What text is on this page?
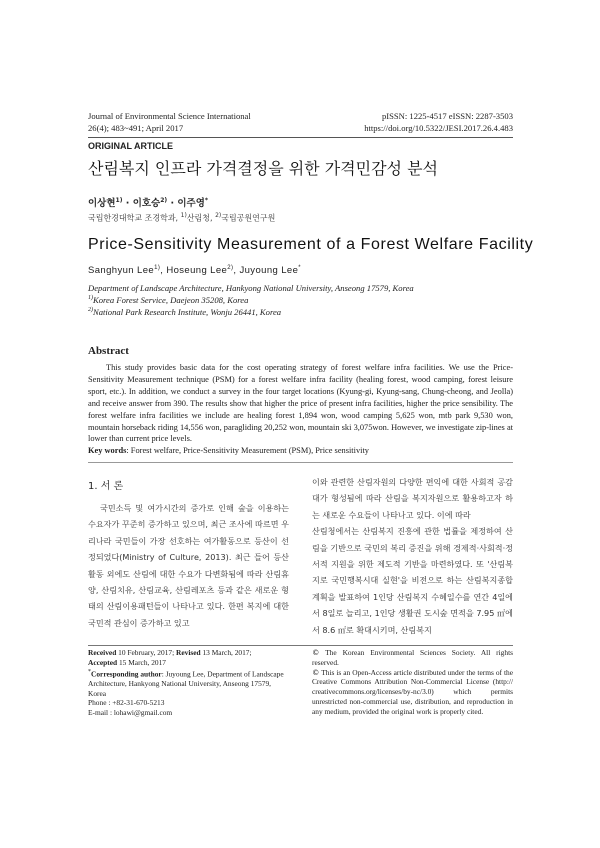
Journal of Environmental Science International
26(4); 483~491; April 2017
pISSN: 1225-4517 eISSN: 2287-3503
https://doi.org/10.5322/JESI.2017.26.4.483
ORIGINAL ARTICLE
산림복지 인프라 가격결정을 위한 가격민감성 분석
이상현$^{1)}$ · 이호승$^{2)}$ · 이주영*
국립한경대학교 조경학과, $^{1)}$산림청, $^{2)}$국립공원연구원
Price-Sensitivity Measurement of a Forest Welfare Facility
Sanghyun Lee$^{1)}$, Hoseung Lee$^{2)}$, Juyoung Lee*
Department of Landscape Architecture, Hankyong National University, Anseong 17579, Korea
$^{1)}$Korea Forest Service, Daejeon 35208, Korea
$^{2)}$National Park Research Institute, Wonju 26441, Korea
Abstract
This study provides basic data for the cost operating strategy of forest welfare infra facilities. We use the Price-Sensitivity Measurement technique (PSM) for a forest welfare infra facility (healing forest, wood camping, forest leisure sport, etc.). In addition, we conduct a survey in the four target locations (Kyung-gi, Kyung-sang, Chung-cheong, and Jeolla) and receive answer from 390. The results show that higher the price of present infra facilities, higher the price sensibility. The forest welfare infra facilities we include are healing forest 1,894 won, wood camping 5,625 won, mtb park 9,530 won, mountain horseback riding 14,556 won, paragliding 20,252 won, mountain ski 3,075won. However, we investigate zip-lines at lower than current price levels.
Key words: Forest welfare, Price-Sensitivity Measurement (PSM), Price sensitivity
1. 서 론
국민소득 및 여가시간의 증가로 인해 숲을 이용하는 수요자가 꾸준히 증가하고 있으며, 최근 조사에 따르면 우리나라 국민들이 가장 선호하는 여가활동으로 등산이 선정되었다(Ministry of Culture, 2013). 최근 들어 등산 활동 외에도 산림에 대한 수요가 다변화됨에 따라 산림휴양, 산림치유, 산림교육, 산림레포츠 등과 같은 새로운 형태의 산림이용패턴들이 나타나고 있다. 한편 복지에 대한 국민적 관심이 증가하고 있고

이와 관련한 산림자원의 다양한 편익에 대한 사회적 공감대가 형성됨에 따라 산림을 복지자원으로 활용하고자 하는 새로운 수요들이 나타나고 있다. 이에 따라

산림청에서는 산림복지 진흥에 관한 법률을 제정하여 산림을 기반으로 국민의 복리 증진을 위해 경제적·사회적·정서적 지원을 위한 제도적 기반을 마련하였다. 또 '산림복지로 국민행복시대 실현'을 비전으로 하는 산림복지종합계획을 발표하여 1인당 산림복지 수혜일수를 연간 4일에서 8일로 늘리고, 1인당 생활권 도시숲 면적을 7.95 ㎡에서 8.6 ㎡로 확대시키며, 산림복지

Received 10 February, 2017; Revised 13 March, 2017;

Accepted 15 March, 2017

*Corresponding author: Juyoung Lee, Department of Landscape Architecture, Hankyong National University, Anseong 17579, Korea

Phone : +82-31-670-5213

E-mail : lohawi@gmail.com

© The Korean Environmental Sciences Society. All rights reserved.

© This is an Open-Access article distributed under the terms of the Creative Commons Attribution Non-Commercial License (http:// creativecommons.org/licenses/by-nc/3.0) which permits unrestricted non-commercial use, distribution, and reproduction in any medium, provided the original work is properly cited.
